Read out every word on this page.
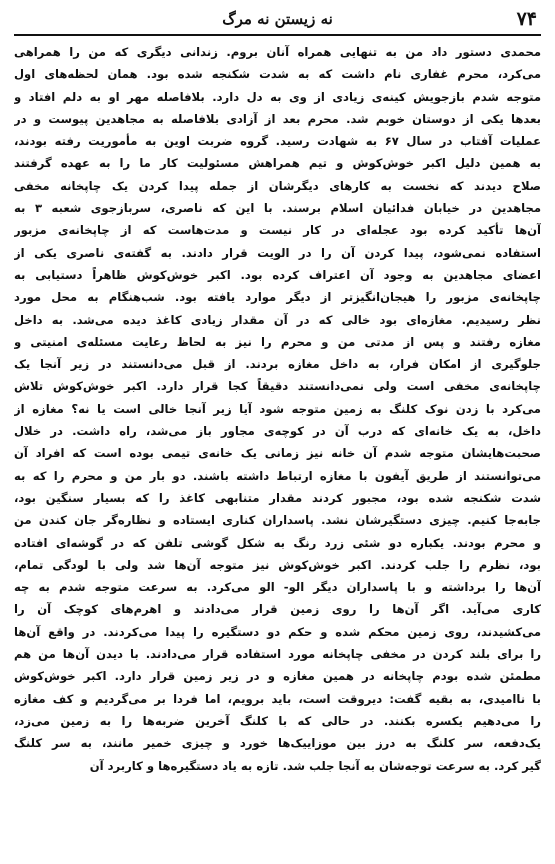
۷۴
نه زیستن نه مرگ
محمدی دستور داد من به تنهایی همراه آنان بروم. زندانی دیگری که من را همراهی
می‌کرد، محرم غفاری نام داشت که به شدت شکنجه شده بود. همان لحظه‌های اول
متوجه شدم بازجویش کینه‌ی زیادی از وی به دل دارد. بلافاصله مهر او به دلم افتاد و
بعدها یکی از دوستان خوبم شد. محرم بعد از آزادی بلافاصله به مجاهدین پیوست و در
عملیات آفتاب در سال ۶۷ به شهادت رسید. گروه ضربت اوین به مأموریت رفته بودند،
به همین دلیل اکبر خوش‌کوش و تیم همراهش مسئولیت کار ما را به عهده گرفتند
صلاح دیدند که نخست به کارهای دیگرشان از جمله پیدا کردن یک چاپخانه مخفی
مجاهدین در خیابان فدائیان اسلام برسند. با این که ناصری، سربازجوی شعبه ۳ به
آن‌ها تأکید کرده بود عجله‌ای در کار نیست و مدت‌هاست که از چاپخانه‌ی مزبور
استفاده نمی‌شود، پیدا کردن آن را در الویت قرار دادند. به گفته‌ی ناصری یکی از
اعضای مجاهدین به وجود آن اعتراف کرده بود. اکبر خوش‌کوش ظاهراً دستیابی به
چاپخانه‌ی مزبور را هیجان‌انگیزتر از دیگر موارد یافته بود. شب‌هنگام به محل مورد
نظر رسیدیم. مغازه‌ای بود خالی که در آن مقدار زیادی کاغذ دیده می‌شد. به داخل
مغازه رفتند و پس از مدتی من و محرم را نیز به لحاظ رعایت مسئله‌ی امنیتی و
جلوگیری از امکان فرار، به داخل مغازه بردند. از قبل می‌دانستند در زیر آنجا یک
چاپخانه‌ی مخفی است ولی نمی‌دانستند دقیقاً کجا قرار دارد. اکبر خوش‌کوش تلاش
می‌کرد با زدن نوک کلنگ به زمین متوجه شود آیا زیر آنجا خالی است یا نه؟ مغازه از
داخل، به یک خانه‌ای که درب آن در کوچه‌ی مجاور باز می‌شد، راه داشت. در خلال
صحبت‌هایشان متوجه شدم آن خانه نیز زمانی یک خانه‌ی تیمی بوده است که افراد آن
می‌توانستند از طریق آیفون با مغازه ارتباط داشته باشند. دو بار من و محرم را که به
شدت شکنجه شده بود، مجبور کردند مقدار متنابهی کاغذ را که بسیار سنگین بود،
جابه‌جا کنیم. چیزی دستگیرشان نشد. پاسداران کناری ایستاده و نظاره‌گر جان کندن من
و محرم بودند. یکباره دو شئی زرد رنگ به شکل گوشی تلفن که در گوشه‌ای افتاده
بود، نظرم را جلب کردند. اکبر خوش‌کوش نیز متوجه آن‌ها شد ولی با لودگی تمام،
آن‌ها را برداشته و با پاسداران دیگر الو- الو می‌کرد. به سرعت متوجه شدم به چه
کاری می‌آید. اگر آن‌ها را روی زمین قرار می‌دادند و اهرم‌های کوچک آن را
می‌کشیدند، روی زمین محکم شده و حکم دو دستگیره را پیدا می‌کردند. در واقع آن‌ها
را برای بلند کردن در مخفی چاپخانه مورد استفاده قرار می‌دادند. با دیدن آن‌ها من هم
مطمئن شده بودم چاپخانه در همین مغازه و در زیر زمین قرار دارد. اکبر خوش‌کوش
با ناامیدی، به بقیه گفت: دیروقت است، باید برویم، اما فردا بر می‌گردیم و کف مغازه
را می‌دهیم یکسره بکنند. در حالی که با کلنگ آخرین ضربه‌ها را به زمین می‌زد،
یک‌دفعه، سر کلنگ به درز بین موزاییک‌ها خورد و چیزی خمیر مانند، به سر کلنگ
گیر کرد. به سرعت توجه‌شان به آنجا جلب شد. تازه به یاد دستگیره‌ها و کاربرد آن
